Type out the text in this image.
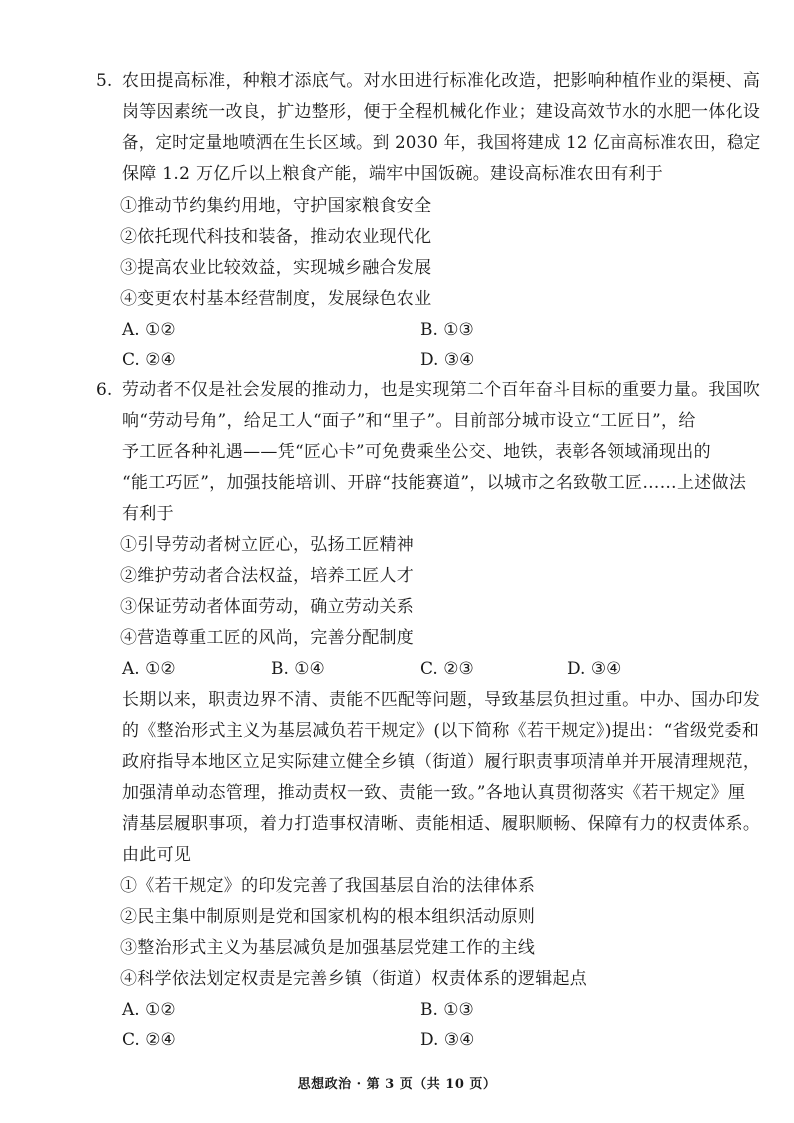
5. 农田提高标准，种粮才添底气。对水田进行标准化改造，把影响种植作业的渠梗、高
岗等因素统一改良，扩边整形，便于全程机械化作业；建设高效节水的水肥一体化设
备，定时定量地喷洒在生长区域。到 2030 年，我国将建成 12 亿亩高标准农田，稳定
保障 1.2 万亿斤以上粮食产能，端牢中国饭碗。建设高标准农田有利于
①推动节约集约用地，守护国家粮食安全
②依托现代科技和装备，推动农业现代化
③提高农业比较效益，实现城乡融合发展
④变更农村基本经营制度，发展绿色农业
A. ①②	B. ①③
C. ②④	D. ③④
6. 劳动者不仅是社会发展的推动力，也是实现第二个百年奋斗目标的重要力量。我国吹
响“劳动号角”，给足工人“面子”和“里子”。目前部分城市设立“工匠日”，给
予工匠各种礼遇——凭“匠心卡”可免费乘坐公交、地铁，表彰各领域涌现出的
“能工巧匠”，加强技能培训、开辟“技能赛道”，以城市之名致敬工匠……上述做法
有利于
①引导劳动者树立匠心，弘扬工匠精神
②维护劳动者合法权益，培养工匠人才
③保证劳动者体面劳动，确立劳动关系
④营造尊重工匠的风尚，完善分配制度
A. ①②	B. ①④	C. ②③	D. ③④
长期以来，职责边界不清、责能不匹配等问题，导致基层负担过重。中办、国办印发
的《整治形式主义为基层减负若干规定》(以下简称《若干规定》)提出：“省级党委和
政府指导本地区立足实际建立健全乡镇（街道）履行职责事项清单并开展清理规范，
加强清单动态管理，推动责权一致、责能一致。”各地认真贯彻落实《若干规定》厘
清基层履职事项，着力打造事权清晰、责能相适、履职顺畅、保障有力的权责体系。
由此可见
①《若干规定》的印发完善了我国基层自治的法律体系
②民主集中制原则是党和国家机构的根本组织活动原则
③整治形式主义为基层减负是加强基层党建工作的主线
④科学依法划定权责是完善乡镇（街道）权责体系的逻辑起点
A. ①②	B. ①③
C. ②④	D. ③④
思想政治 · 第 3 页（共 10 页）
